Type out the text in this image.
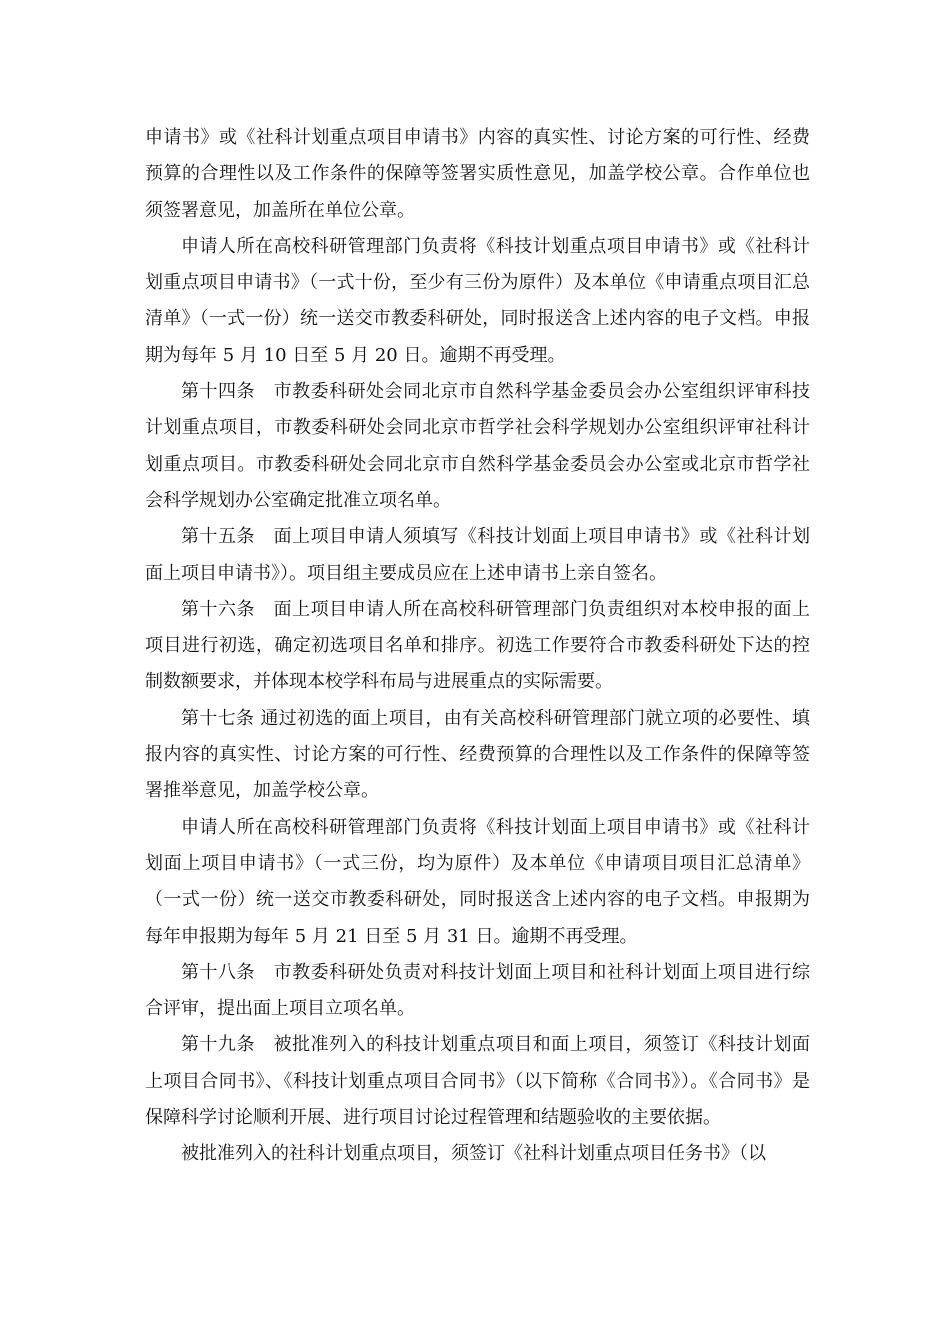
申请书》或《社科计划重点项目申请书》内容的真实性、讨论方案的可行性、经费预算的合理性以及工作条件的保障等签署实质性意见，加盖学校公章。合作单位也须签署意见，加盖所在单位公章。

申请人所在高校科研管理部门负责将《科技计划重点项目申请书》或《社科计划重点项目申请书》（一式十份，至少有三份为原件）及本单位《申请重点项目汇总清单》（一式一份）统一送交市教委科研处，同时报送含上述内容的电子文档。申报期为每年 5 月 10 日至 5 月 20 日。逾期不再受理。

第十四条　市教委科研处会同北京市自然科学基金委员会办公室组织评审科技计划重点项目，市教委科研处会同北京市哲学社会科学规划办公室组织评审社科计划重点项目。市教委科研处会同北京市自然科学基金委员会办公室或北京市哲学社会科学规划办公室确定批准立项名单。

第十五条　面上项目申请人须填写《科技计划面上项目申请书》或《社科计划面上项目申请书》）。项目组主要成员应在上述申请书上亲自签名。

第十六条　面上项目申请人所在高校科研管理部门负责组织对本校申报的面上项目进行初选，确定初选项目名单和排序。初选工作要符合市教委科研处下达的控制数额要求，并体现本校学科布局与进展重点的实际需要。

第十七条 通过初选的面上项目，由有关高校科研管理部门就立项的必要性、填报内容的真实性、讨论方案的可行性、经费预算的合理性以及工作条件的保障等签署推举意见，加盖学校公章。

申请人所在高校科研管理部门负责将《科技计划面上项目申请书》或《社科计划面上项目申请书》（一式三份，均为原件）及本单位《申请项目项目汇总清单》（一式一份）统一送交市教委科研处，同时报送含上述内容的电子文档。申报期为每年申报期为每年 5 月 21 日至 5 月 31 日。逾期不再受理。

第十八条　市教委科研处负责对科技计划面上项目和社科计划面上项目进行综合评审，提出面上项目立项名单。

第十九条　被批准列入的科技计划重点项目和面上项目，须签订《科技计划面上项目合同书》、《科技计划重点项目合同书》（以下简称《合同书》）。《合同书》是保障科学讨论顺利开展、进行项目讨论过程管理和结题验收的主要依据。

被批准列入的社科计划重点项目，须签订《社科计划重点项目任务书》（以
